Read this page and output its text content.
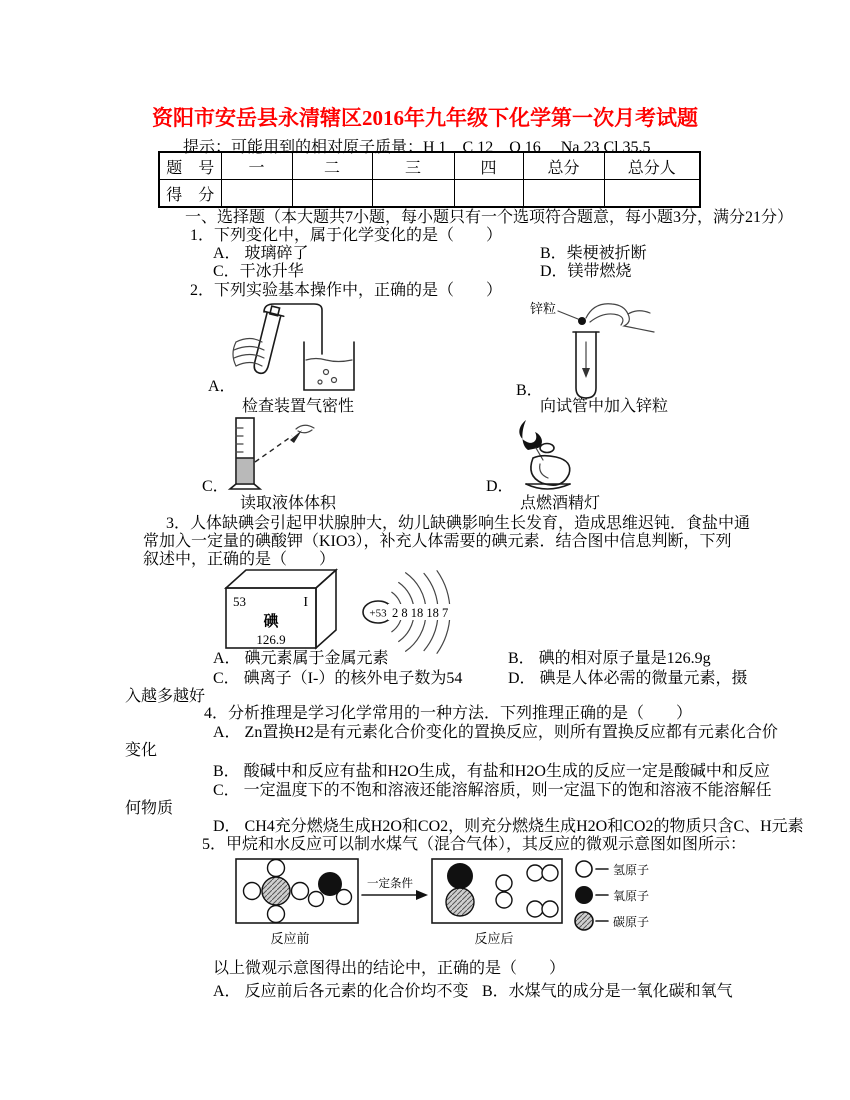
资阳市安岳县永清辖区2016年九年级下化学第一次月考试题
提示：可能用到的相对原子质量：H 1　C 12　O 16　 Na 23 Cl 35.5
题　号	一	二	三	四	总分	总分人
得　分						
一、选择题（本大题共7小题，每小题只有一个选项符合题意，每小题3分，满分21分）
1．下列变化中，属于化学变化的是（　　）
A． 玻璃碎了	B．柴梗被折断
C．干冰升华	D．镁带燃烧
2．下列实验基本操作中，正确的是（　　）
A．
检查装置气密性
锌粒
B．
向试管中加入锌粒
C．
读取液体体积
D．
点燃酒精灯
3．人体缺碘会引起甲状腺肿大，幼儿缺碘影响生长发育，造成思维迟钝．食盐中通
常加入一定量的碘酸钾（KIO3），补充人体需要的碘元素．结合图中信息判断，下列
叙述中，正确的是（　　）
53	I
碘
126.9
+53 2 8 18 18 7
A． 碘元素属于金属元素	B． 碘的相对原子量是126.9g
C． 碘离子（I-）的核外电子数为54	D． 碘是人体必需的微量元素，摄
入越多越好
4．分析推理是学习化学常用的一种方法．下列推理正确的是（　　）
A． Zn置换H2是有元素化合价变化的置换反应，则所有置换反应都有元素化合价
变化
B． 酸碱中和反应有盐和H2O生成，有盐和H2O生成的反应一定是酸碱中和反应
C． 一定温度下的不饱和溶液还能溶解溶质，则一定温下的饱和溶液不能溶解任
何物质
D． CH4充分燃烧生成H2O和CO2，则充分燃烧生成H2O和CO2的物质只含C、H元素
5．甲烷和水反应可以制水煤气（混合气体），其反应的微观示意图如图所示：
反应前
一定条件
反应后
氢原子
氧原子
碳原子
以上微观示意图得出的结论中，正确的是（　　）
A． 反应前后各元素的化合价均不变 B．水煤气的成分是一氧化碳和氧气
